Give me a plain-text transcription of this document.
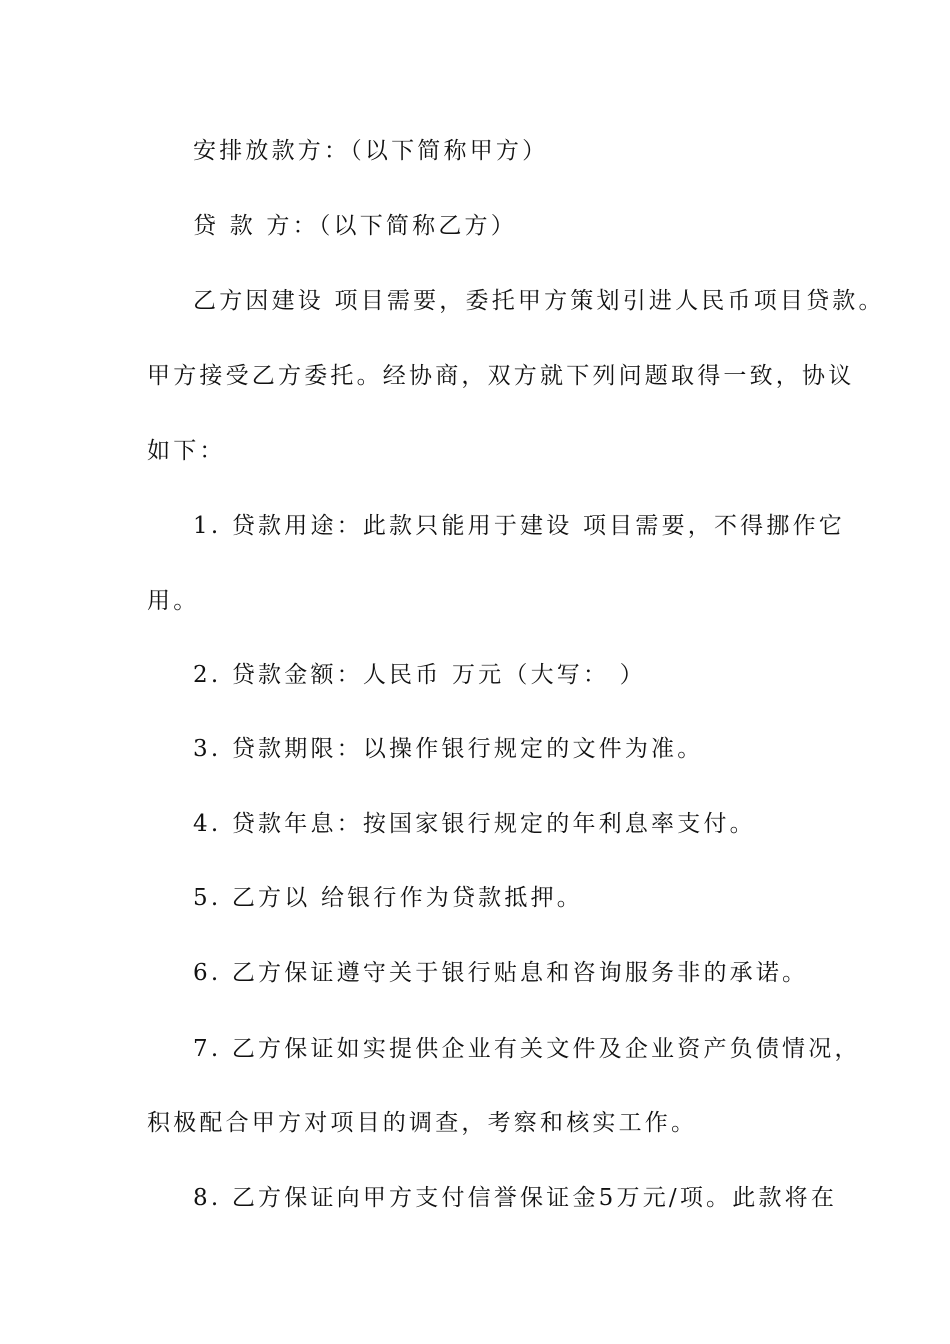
安排放款方：（以下简称甲方）
贷 款 方：（以下简称乙方）
乙方因建设 项目需要，委托甲方策划引进人民币项目贷款。
甲方接受乙方委托。经协商，双方就下列问题取得一致，协议
如下：
1. 贷款用途：此款只能用于建设 项目需要，不得挪作它
用。
2. 贷款金额：人民币 万元（大写： ）
3. 贷款期限：以操作银行规定的文件为准。
4. 贷款年息：按国家银行规定的年利息率支付。
5. 乙方以 给银行作为贷款抵押。
6. 乙方保证遵守关于银行贴息和咨询服务非的承诺。
7. 乙方保证如实提供企业有关文件及企业资产负债情况，
积极配合甲方对项目的调查，考察和核实工作。
8. 乙方保证向甲方支付信誉保证金5万元/项。此款将在
